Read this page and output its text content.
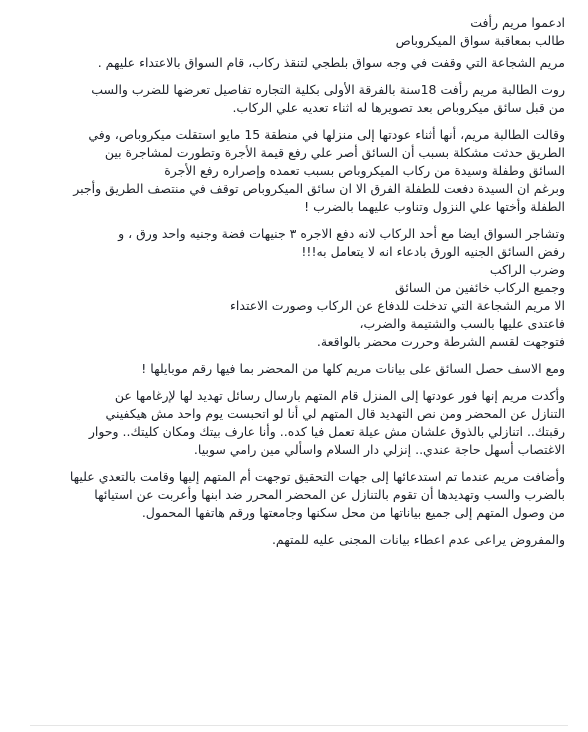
ادعموا مريم رأفت
طالب بمعاقبة سواق الميكروباص
مريم الشجاعة التي وقفت في وجه سواق بلطجي لتنقذ ركاب، قام السواق بالاعتداء عليهم .
روت الطالبة مريم رأفت 18سنة بالفرقة الأولى بكلية التجاره تفاصيل تعرضها للضرب والسب
من قبل سائق ميكروباص بعد تصويرها له اثناء تعديه علي الركاب.
وقالت الطالبة مريم، أنها أثناء عودتها إلى منزلها في منطقة 15 مايو استقلت ميكروباص، وفي
الطريق حدثت مشكلة بسبب أن السائق أصر علي رفع قيمة الأجرة وتطورت لمشاجرة بين
السائق وطفلة وسيدة من ركاب الميكروباص بسبب تعمده وإصراره رفع الأجرة
وبرغم ان السيدة دفعت للطفلة الفرق الا ان سائق الميكروباص توقف في منتصف الطريق وأجبر
الطفلة وأختها علي النزول وتناوب عليهما بالضرب !
وتشاجر السواق ايضا مع أحد الركاب لانه دفع الاجره ٣ جنيهات فضة وجنيه واحد ورق ، و
رفض السائق الجنيه الورق بادعاء انه لا يتعامل به!!!
وضرب الراكب
وجميع الركاب خائفين من السائق
الا مريم الشجاعة التي تدخلت للدفاع عن الركاب وصورت الاعتداء
فاعتدى عليها بالسب والشتيمة والضرب،
فتوجهت لقسم الشرطة وحررت محضر بالواقعة.
ومع الاسف حصل السائق على بيانات مريم كلها من المحضر بما فيها رقم موبايلها !
وأكدت مريم إنها فور عودتها إلى المنزل قام المتهم بارسال رسائل تهديد لها لإرغامها عن
التنازل عن المحضر ومن نص التهديد قال المتهم لي أنا لو اتحبست يوم واحد مش هيكفيني
رقبتك.. اتنازلي بالذوق علشان مش عيلة تعمل فيا كده.. وأنا عارف بيتك ومكان كليتك.. وحوار
الاغتصاب أسهل حاجة عندي.. إنزلي دار السلام واسألي مين رامي سوبيا.
وأضافت مريم عندما تم استدعائها إلى جهات التحقيق توجهت أم المتهم إليها وقامت بالتعدي عليها
بالضرب والسب وتهديدها أن تقوم بالتنازل عن المحضر المحرر ضد ابنها وأعربت عن استيائها
من وصول المتهم إلى جميع بياناتها من محل سكنها وجامعتها ورقم هاتفها المحمول.
والمفروض يراعى عدم اعطاء بيانات المجنى عليه للمتهم.
